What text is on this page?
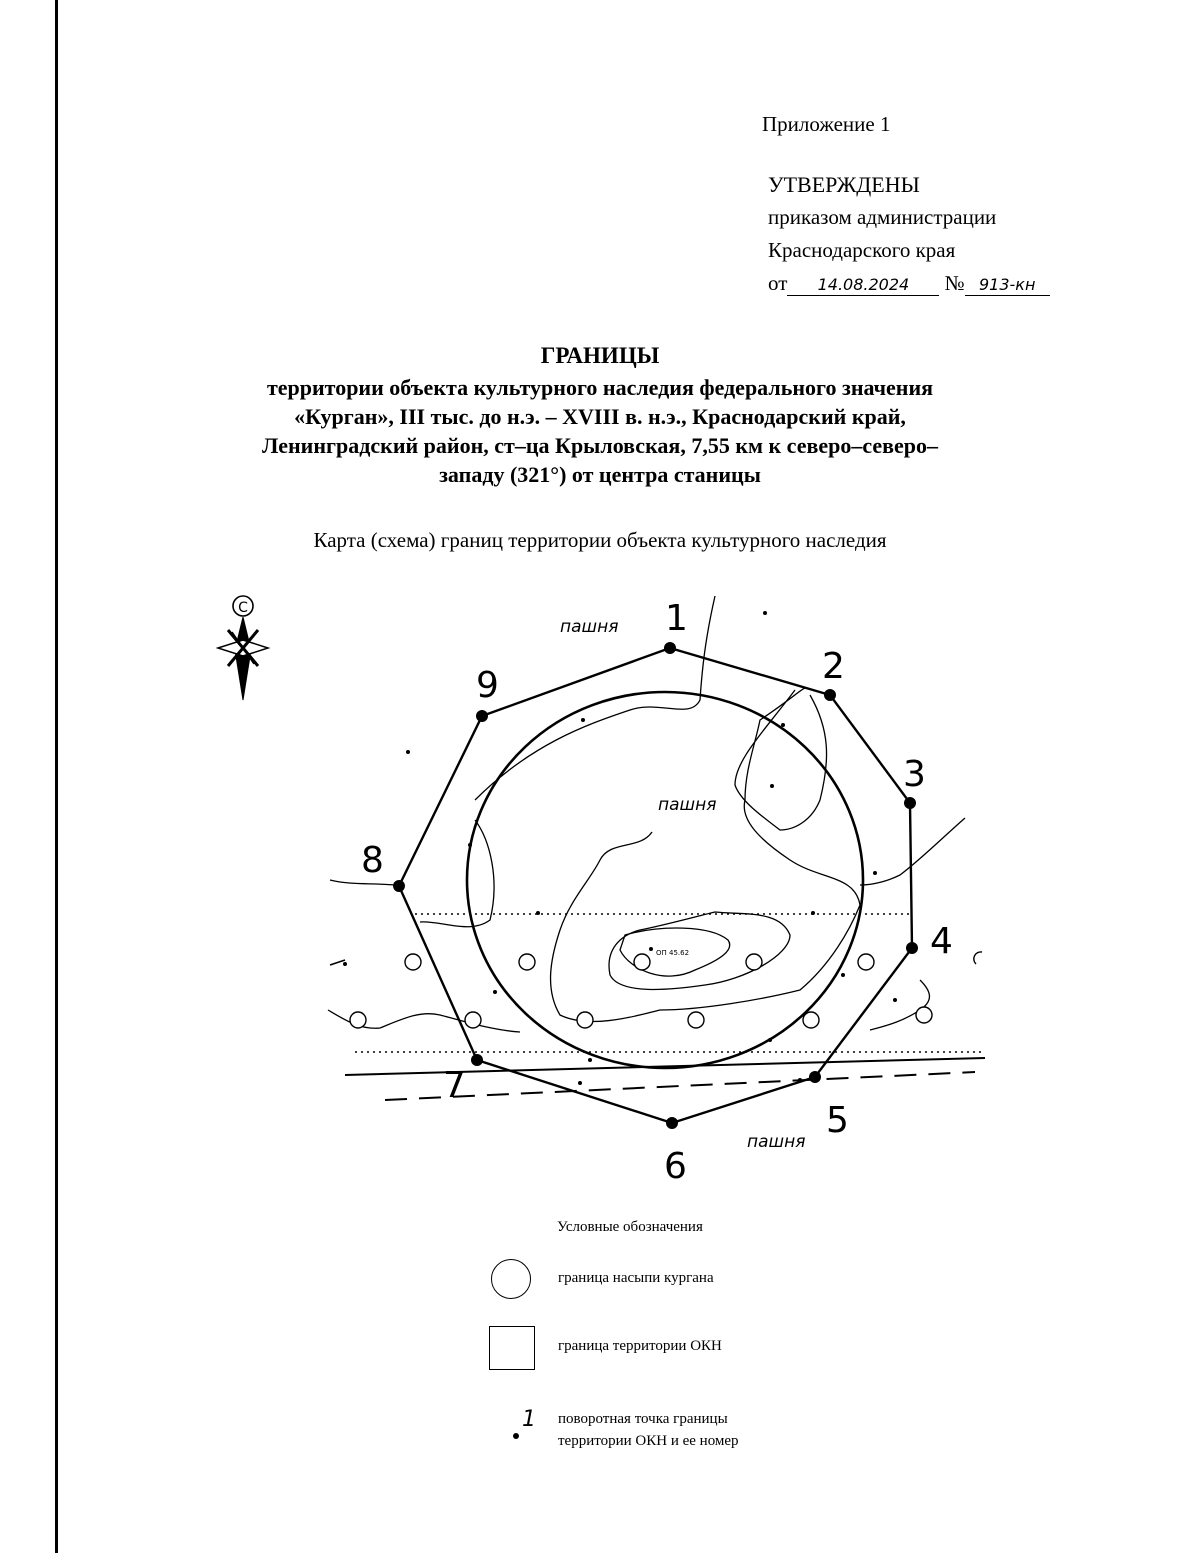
Приложение 1
УТВЕРЖДЕНЫ
приказом администрации
Краснодарского края
от 14.08.2024 № 913-кн
ГРАНИЦЫ
территории объекта культурного наследия федерального значения
«Курган», III тыс. до н.э. – XVIII в. н.э., Краснодарский край,
Ленинградский район, ст–ца Крыловская, 7,55 км к северо–северо–
западу (321°) от центра станицы
Карта (схема) границ территории объекта культурного наследия
С	1
2
3
4
5
6
7
8
9
пашня
пашня
пашня
ОП 45.62
Условные обозначения
граница насыпи кургана
граница территории ОКН
1 поворотная точка границы
территории ОКН и ее номер
